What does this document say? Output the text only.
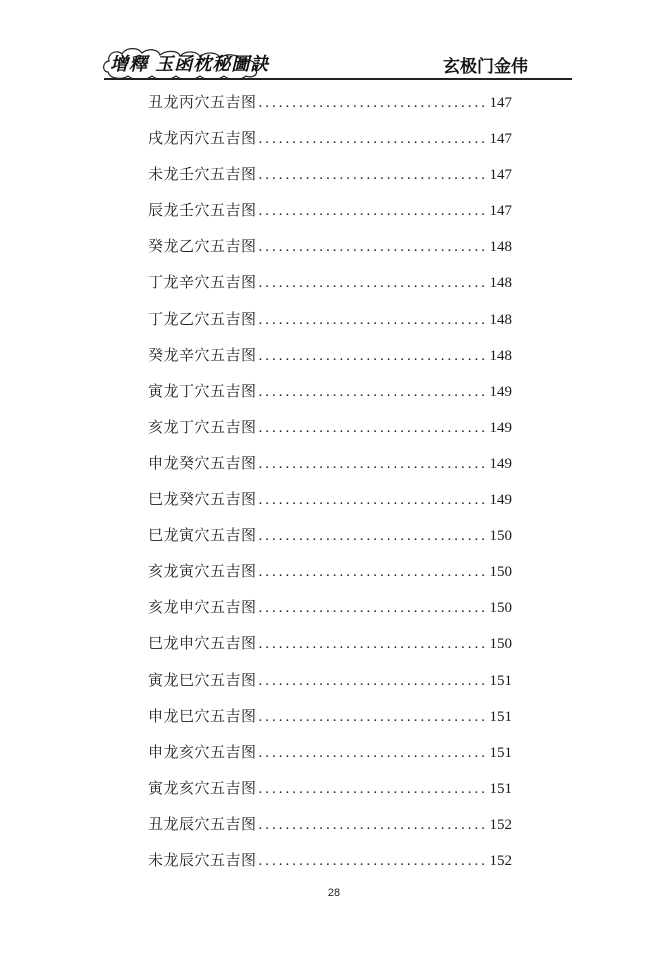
增釋 玉函枕秘圖訣	玄极门金伟
丑龙丙穴五吉图 .....	147
戌龙丙穴五吉图 .....	147
未龙壬穴五吉图 .....	147
辰龙壬穴五吉图 .....	147
癸龙乙穴五吉图 .....	148
丁龙辛穴五吉图 .....	148
丁龙乙穴五吉图 .....	148
癸龙辛穴五吉图 .....	148
寅龙丁穴五吉图 .....	149
亥龙丁穴五吉图 .....	149
申龙癸穴五吉图 .....	149
巳龙癸穴五吉图 .....	149
巳龙寅穴五吉图 .....	150
亥龙寅穴五吉图 .....	150
亥龙申穴五吉图 .....	150
巳龙申穴五吉图 .....	150
寅龙巳穴五吉图 .....	151
申龙巳穴五吉图 .....	151
申龙亥穴五吉图 .....	151
寅龙亥穴五吉图 .....	151
丑龙辰穴五吉图 .....	152
未龙辰穴五吉图 .....	152
28
